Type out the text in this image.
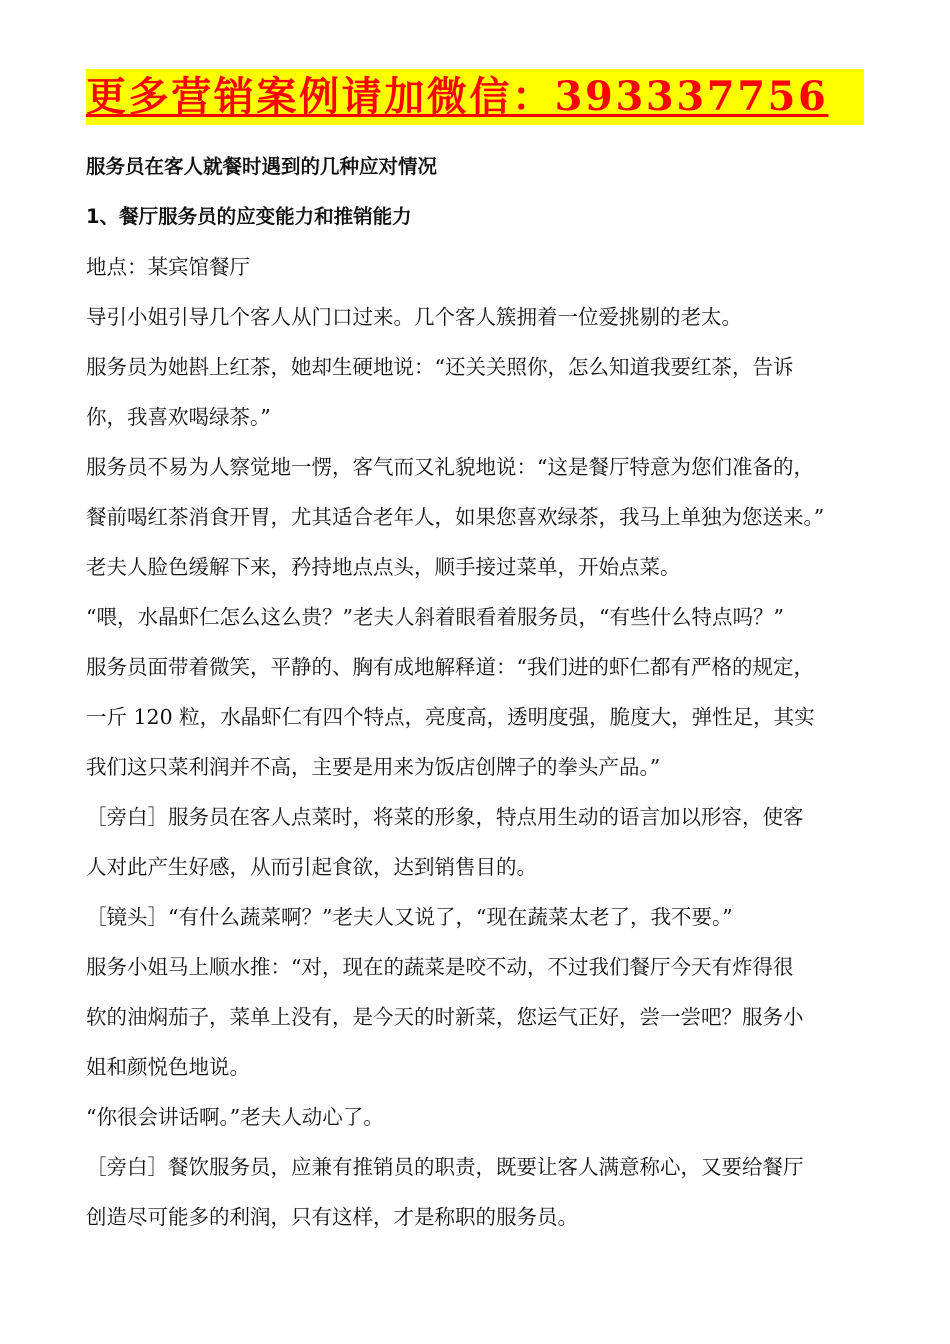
更多营销案例请加微信：393337756
服务员在客人就餐时遇到的几种应对情况
1、餐厅服务员的应变能力和推销能力
地点：某宾馆餐厅
导引小姐引导几个客人从门口过来。几个客人簇拥着一位爱挑剔的老太。
服务员为她斟上红茶，她却生硬地说：“还关关照你，怎么知道我要红茶，告诉
你，我喜欢喝绿茶。”
服务员不易为人察觉地一愣，客气而又礼貌地说：“这是餐厅特意为您们准备的，
餐前喝红茶消食开胃，尤其适合老年人，如果您喜欢绿茶，我马上单独为您送来。”
老夫人脸色缓解下来，矜持地点点头，顺手接过菜单，开始点菜。
“喂，水晶虾仁怎么这么贵？”老夫人斜着眼看着服务员，“有些什么特点吗？”
服务员面带着微笑，平静的、胸有成地解释道：“我们进的虾仁都有严格的规定，
一斤 120 粒，水晶虾仁有四个特点，亮度高，透明度强，脆度大，弹性足，其实
我们这只菜利润并不高，主要是用来为饭店创牌子的拳头产品。”
［旁白］服务员在客人点菜时，将菜的形象，特点用生动的语言加以形容，使客
人对此产生好感，从而引起食欲，达到销售目的。
［镜头］“有什么蔬菜啊？”老夫人又说了，“现在蔬菜太老了，我不要。”
服务小姐马上顺水推：“对，现在的蔬菜是咬不动，不过我们餐厅今天有炸得很
软的油焖茄子，菜单上没有，是今天的时新菜，您运气正好，尝一尝吧？服务小
姐和颜悦色地说。
“你很会讲话啊。”老夫人动心了。
［旁白］餐饮服务员，应兼有推销员的职责，既要让客人满意称心，又要给餐厅
创造尽可能多的利润，只有这样，才是称职的服务员。
